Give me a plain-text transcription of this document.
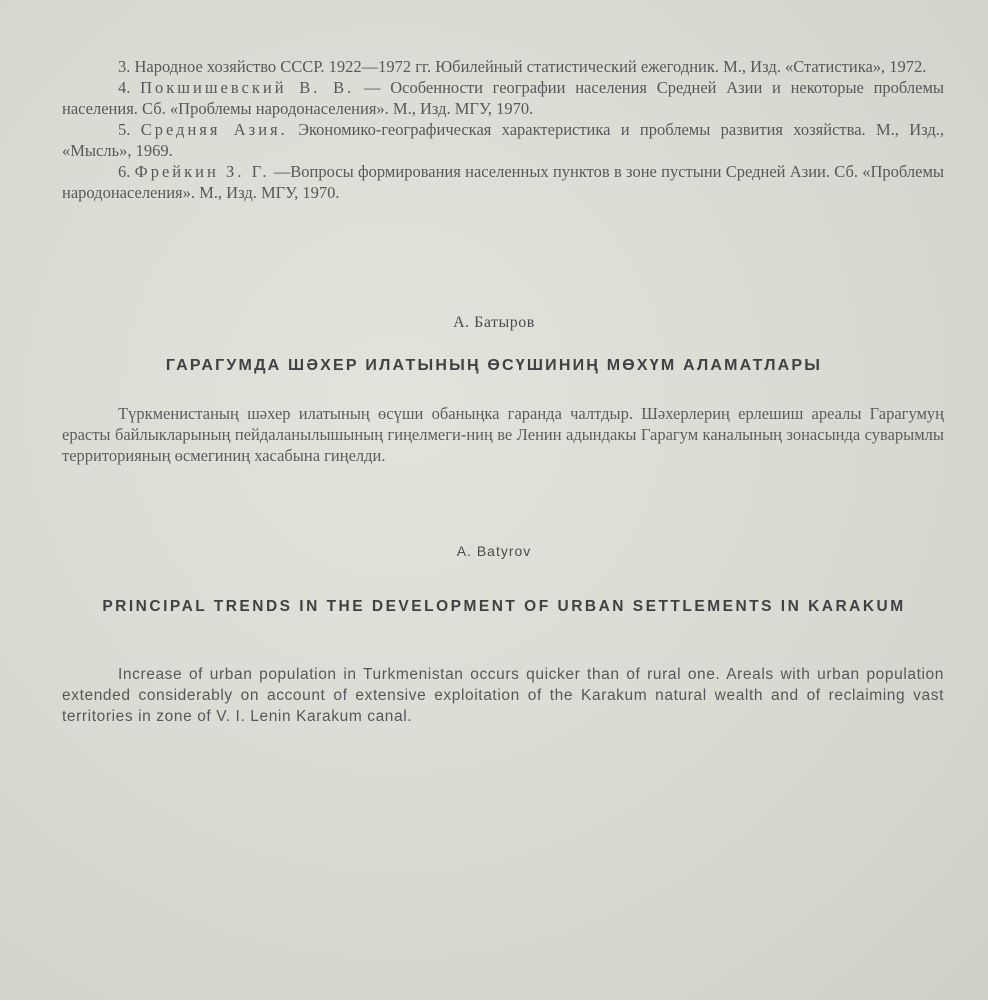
3. Народное хозяйство СССР. 1922—1972 гг. Юбилейный статистический ежегодник. М., Изд. «Статистика», 1972.

4. Покшишевский В. В. — Особенности географии населения Средней Азии и некоторые проблемы населения. Сб. «Проблемы народонаселения». М., Изд. МГУ, 1970.

5. Средняя Азия. Экономико-географическая характеристика и проблемы развития хозяйства. М., Изд., «Мысль», 1969.

6. Фрейкин З. Г. —Вопросы формирования населенных пунктов в зоне пустыни Средней Азии. Сб. «Проблемы народонаселения». М., Изд. МГУ, 1970.

А. Батыров
ГАРАГУМДА ШӘХЕР ИЛАТЫНЫҢ ӨСҮШИНИҢ МӨХҮМ АЛАМАТЛАРЫ

Түркменистаның шәхер илатының өсүши обаныңка гаранда чалтдыр. Шәхерлериң ерлешиш ареалы Гарагумуң ерасты байлыкларының пейдаланылышының гиңелмеги-ниң ве Ленин адындакы Гарагум каналының зонасында суварымлы территорияның өсмегиниң хасабына гиңелди.

A. Batyrov
PRINCIPAL TRENDS IN THE DEVELOPMENT OF URBAN SETTLEMENTS IN KARAKUM

Increase of urban population in Turkmenistan occurs quicker than of rural one. Areals with urban population extended considerably on account of extensive exploitation of the Karakum natural wealth and of reclaiming vast territories in zone of V. I. Lenin Karakum canal.
